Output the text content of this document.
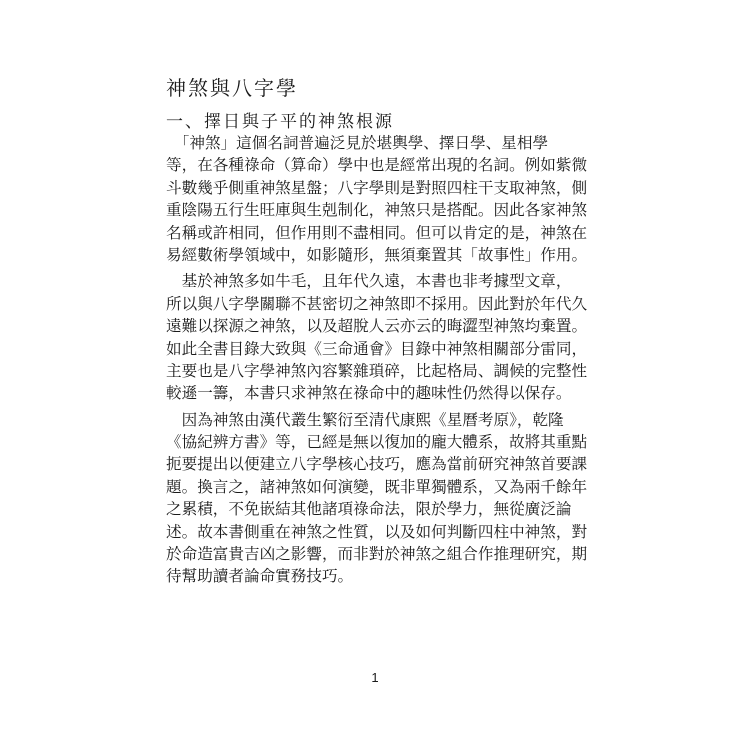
神煞與八字學
一、擇日與子平的神煞根源
　「神煞」這個名詞普遍泛見於堪輿學、擇日學、星相學
等，在各種祿命（算命）學中也是經常出現的名詞。例如紫微
斗數幾乎側重神煞星盤；八字學則是對照四柱干支取神煞，側
重陰陽五行生旺庫與生剋制化，神煞只是搭配。因此各家神煞
名稱或許相同，但作用則不盡相同。但可以肯定的是，神煞在
易經數術學領域中，如影隨形，無須棄置其「故事性」作用。
　基於神煞多如牛毛，且年代久遠，本書也非考據型文章，
所以與八字學關聯不甚密切之神煞即不採用。因此對於年代久
遠難以探源之神煞，以及超脫人云亦云的晦澀型神煞均棄置。
如此全書目錄大致與《三命通會》目錄中神煞相關部分雷同，
主要也是八字學神煞內容繁雜瑣碎，比起格局、調候的完整性
較遜一籌，本書只求神煞在祿命中的趣味性仍然得以保存。
　因為神煞由漢代叢生繁衍至清代康熙《星曆考原》，乾隆
《協紀辨方書》等，已經是無以復加的龐大體系，故將其重點
扼要提出以便建立八字學核心技巧，應為當前研究神煞首要課
題。換言之，諸神煞如何演變，既非單獨體系，又為兩千餘年
之累積，不免嵌結其他諸項祿命法，限於學力，無從廣泛論
述。故本書側重在神煞之性質，以及如何判斷四柱中神煞，對
於命造富貴吉凶之影響，而非對於神煞之組合作推理研究，期
待幫助讀者論命實務技巧。

1
